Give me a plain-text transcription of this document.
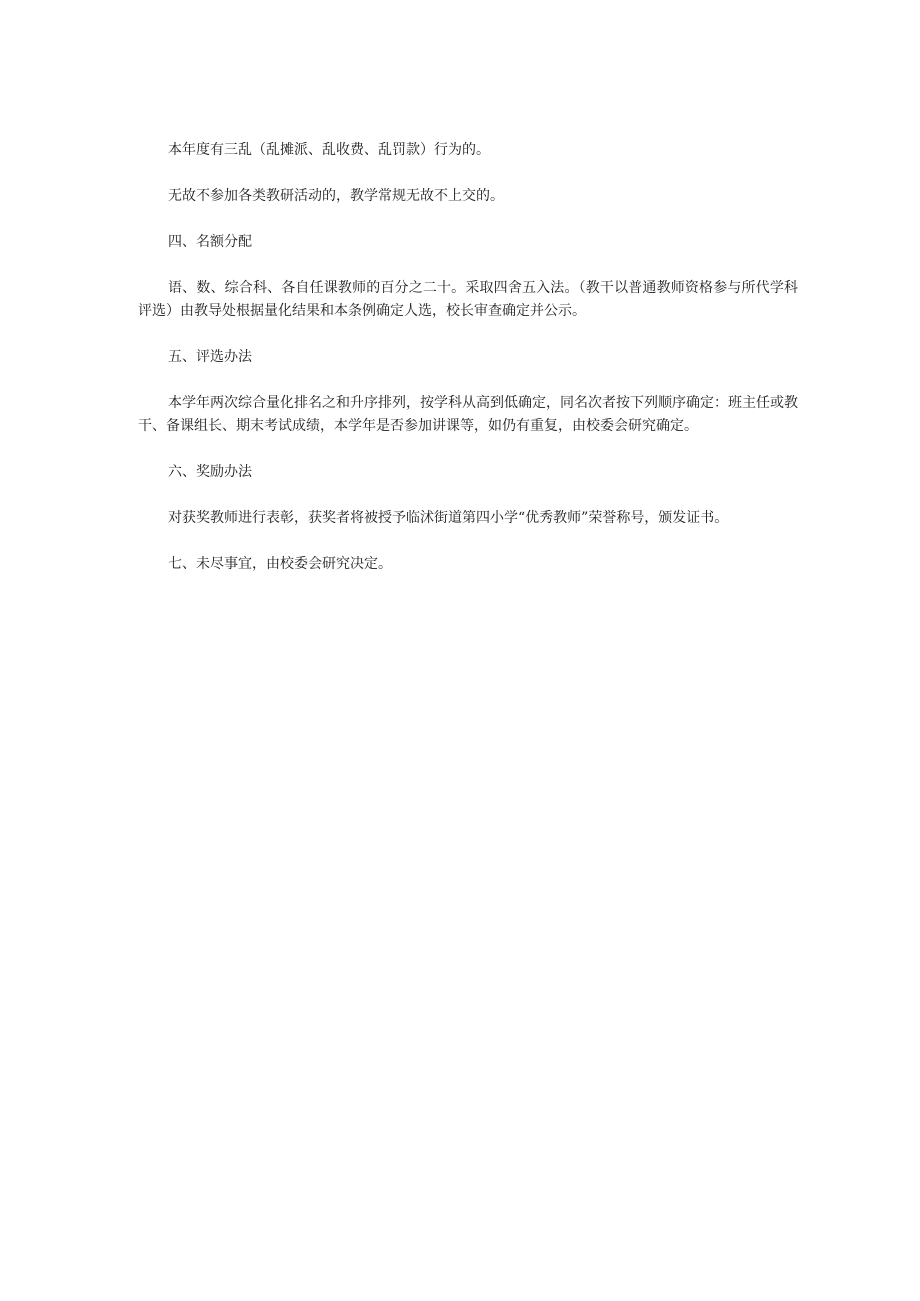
本年度有三乱（乱摊派、乱收费、乱罚款）行为的。

无故不参加各类教研活动的，教学常规无故不上交的。

四、名额分配

语、数、综合科、各自任课教师的百分之二十。采取四舍五入法。（教干以普通教师资格参与所代学科评选）由教导处根据量化结果和本条例确定人选，校长审查确定并公示。

五、评选办法

本学年两次综合量化排名之和升序排列，按学科从高到低确定，同名次者按下列顺序确定：班主任或教干、备课组长、期末考试成绩，本学年是否参加讲课等，如仍有重复，由校委会研究确定。

六、奖励办法

对获奖教师进行表彰，获奖者将被授予临沭街道第四小学“优秀教师”荣誉称号，颁发证书。

七、未尽事宜，由校委会研究决定。
